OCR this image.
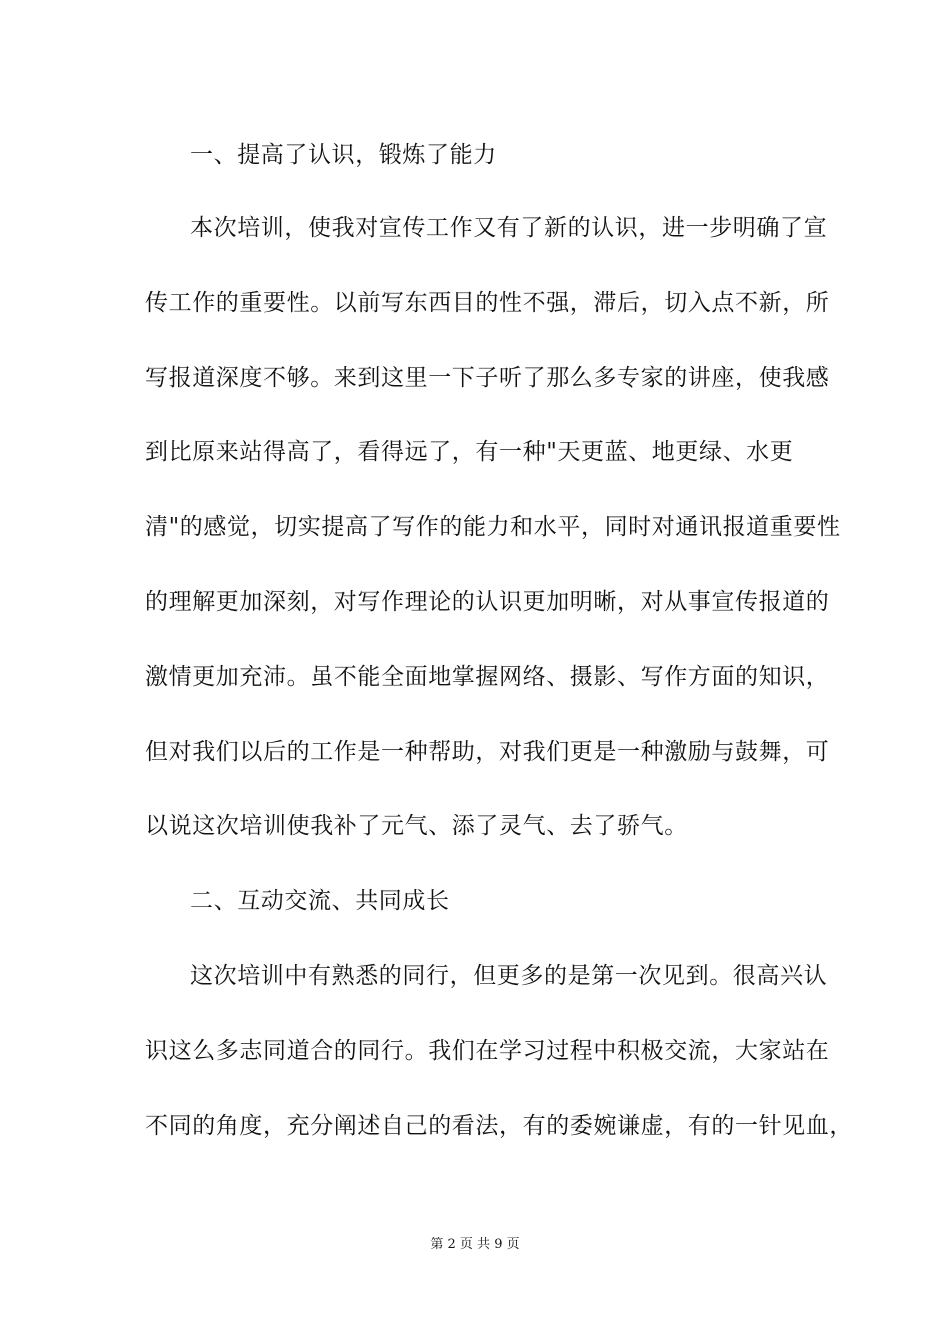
一、提高了认识，锻炼了能力
本次培训，使我对宣传工作又有了新的认识，进一步明确了宣
传工作的重要性。以前写东西目的性不强，滞后，切入点不新，所
写报道深度不够。来到这里一下子听了那么多专家的讲座，使我感
到比原来站得高了，看得远了，有一种"天更蓝、地更绿、水更
清"的感觉，切实提高了写作的能力和水平，同时对通讯报道重要性
的理解更加深刻，对写作理论的认识更加明晰，对从事宣传报道的
激情更加充沛。虽不能全面地掌握网络、摄影、写作方面的知识，
但对我们以后的工作是一种帮助，对我们更是一种激励与鼓舞，可
以说这次培训使我补了元气、添了灵气、去了骄气。
二、互动交流、共同成长
这次培训中有熟悉的同行，但更多的是第一次见到。很高兴认
识这么多志同道合的同行。我们在学习过程中积极交流，大家站在
不同的角度，充分阐述自己的看法，有的委婉谦虚，有的一针见血，
第 2 页 共 9 页
